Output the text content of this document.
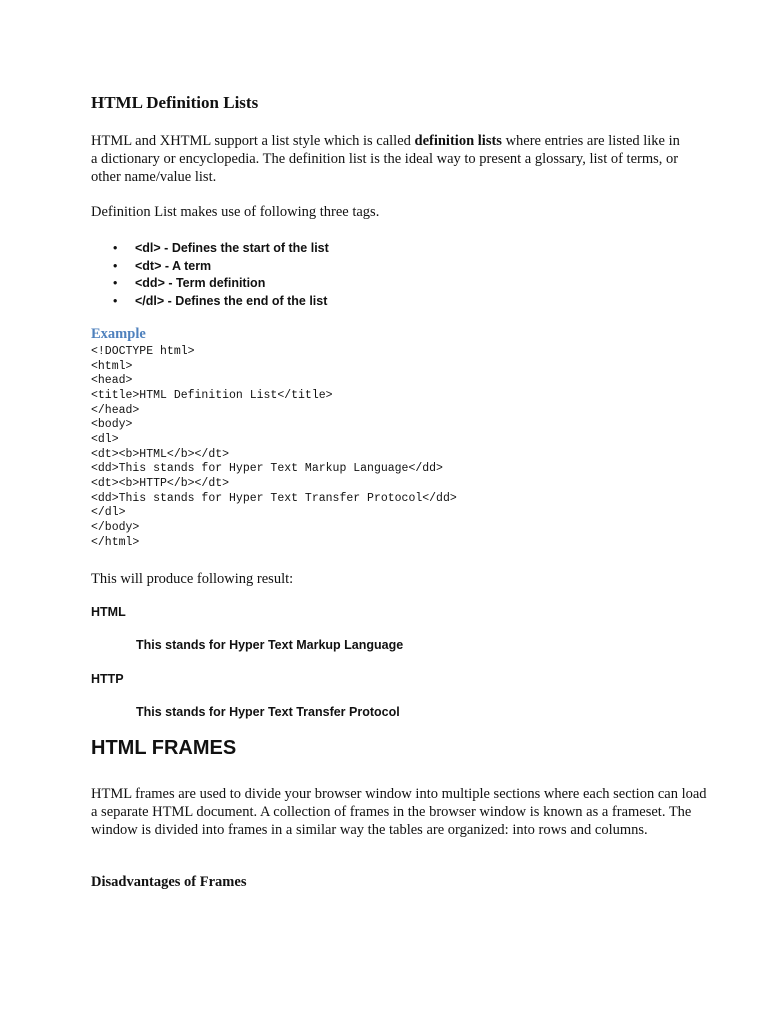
HTML Definition Lists
HTML and XHTML support a list style which is called definition lists where entries are listed like in a dictionary or encyclopedia. The definition list is the ideal way to present a glossary, list of terms, or other name/value list.
Definition List makes use of following three tags.
• <dl> - Defines the start of the list
• <dt> - A term
• <dd> - Term definition
• </dl> - Defines the end of the list
Example
<!DOCTYPE html>
<html>
<head>
<title>HTML Definition List</title>
</head>
<body>
<dl>
<dt><b>HTML</b></dt>
<dd>This stands for Hyper Text Markup Language</dd>
<dt><b>HTTP</b></dt>
<dd>This stands for Hyper Text Transfer Protocol</dd>
</dl>
</body>
</html>
This will produce following result:
HTML
This stands for Hyper Text Markup Language
HTTP
This stands for Hyper Text Transfer Protocol
HTML FRAMES
HTML frames are used to divide your browser window into multiple sections where each section can load a separate HTML document. A collection of frames in the browser window is known as a frameset. The window is divided into frames in a similar way the tables are organized: into rows and columns.
Disadvantages of Frames
